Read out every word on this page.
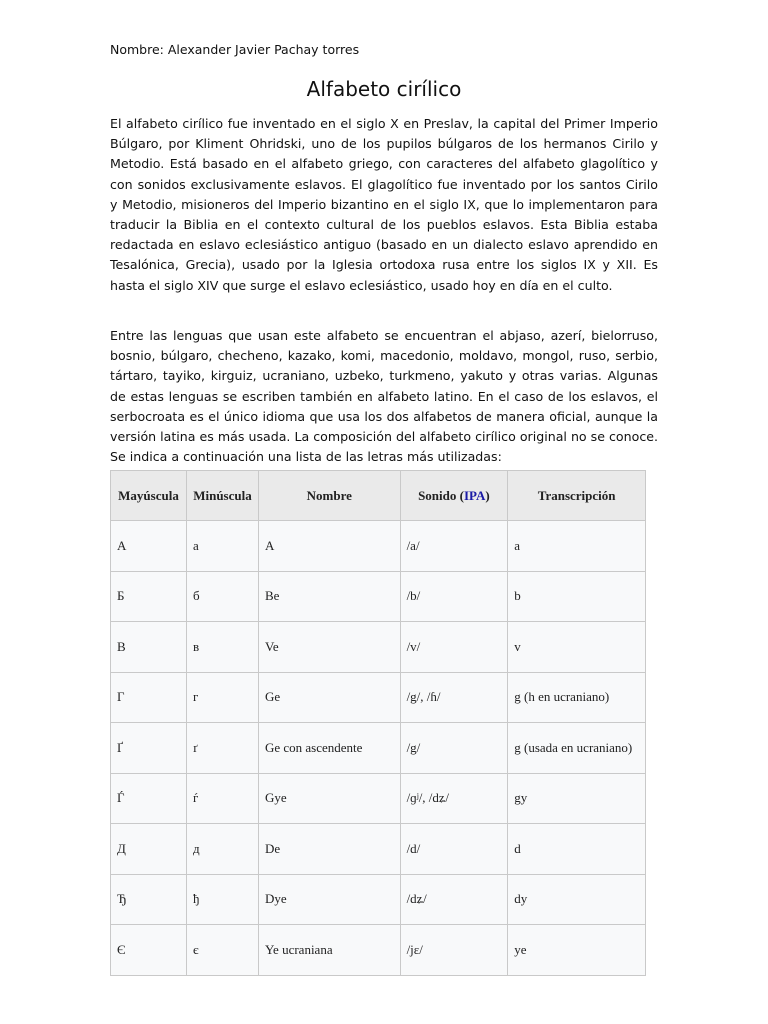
Nombre: Alexander Javier Pachay torres
Alfabeto cirílico

El alfabeto cirílico fue inventado en el siglo X en Preslav, la capital del Primer Imperio Búlgaro, por Kliment Ohridski, uno de los pupilos búlgaros de los hermanos Cirilo y Metodio. Está basado en el alfabeto griego, con caracteres del alfabeto glagolítico y con sonidos exclusivamente eslavos. El glagolítico fue inventado por los santos Cirilo y Metodio, misioneros del Imperio bizantino en el siglo IX, que lo implementaron para traducir la Biblia en el contexto cultural de los pueblos eslavos. Esta Biblia estaba redactada en eslavo eclesiástico antiguo (basado en un dialecto eslavo aprendido en Tesalónica, Grecia), usado por la Iglesia ortodoxa rusa entre los siglos IX y XII. Es hasta el siglo XIV que surge el eslavo eclesiástico, usado hoy en día en el culto.

Entre las lenguas que usan este alfabeto se encuentran el abjaso, azerí, bielorruso, bosnio, búlgaro, checheno, kazako, komi, macedonio, moldavo, mongol, ruso, serbio, tártaro, tayiko, kirguiz, ucraniano, uzbeko, turkmeno, yakuto y otras varias. Algunas de estas lenguas se escriben también en alfabeto latino. En el caso de los eslavos, el serbocroata es el único idioma que usa los dos alfabetos de manera oficial, aunque la versión latina es más usada. La composición del alfabeto cirílico original no se conoce. Se indica a continuación una lista de las letras más utilizadas:

Mayúscula	Minúscula	Nombre	Sonido (IPA)	Transcripción
А	а	A	/a/	a
Б	б	Be	/b/	b
В	в	Ve	/v/	v
Г	г	Ge	/g/, /ɦ/	g (h en ucraniano)
Ґ	ґ	Ge con ascendente	/g/	g (usada en ucraniano)
Ѓ	ѓ	Gye	/ɡʲ/, /dʑ/	gy
Д	д	De	/d/	d
Ђ	ђ	Dye	/dʑ/	dy
Є	є	Ye ucraniana	/jɛ/	ye
